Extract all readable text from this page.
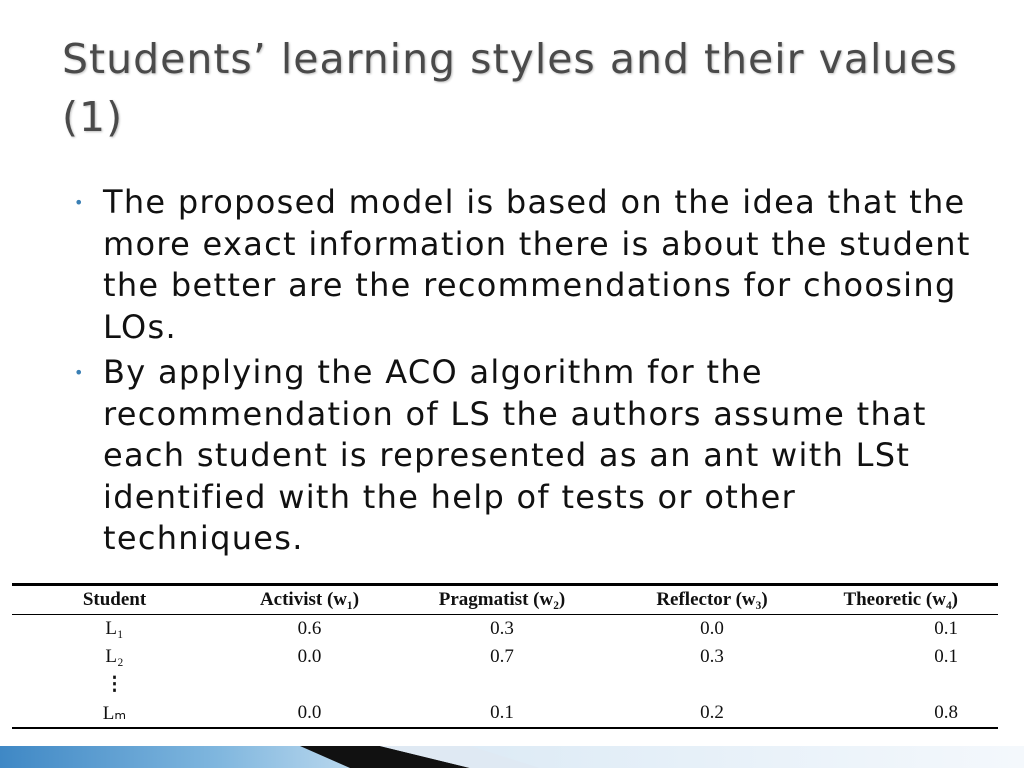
Students’ learning styles and their values (1)
• The proposed model is based on the idea that the more exact information there is about the student the better are the recommendations for choosing LOs.
• By applying the ACO algorithm for the recommendation of LS the authors assume that each student is represented as an ant with LSt identified with the help of tests or other techniques.
Student	Activist (w₁)	Pragmatist (w₂)	Reflector (w₃)	Theoretic (w₄)
L₁	0.6	0.3	0.0	0.1
L₂	0.0	0.7	0.3	0.1
⋮				
Lₘ	0.0	0.1	0.2	0.8
